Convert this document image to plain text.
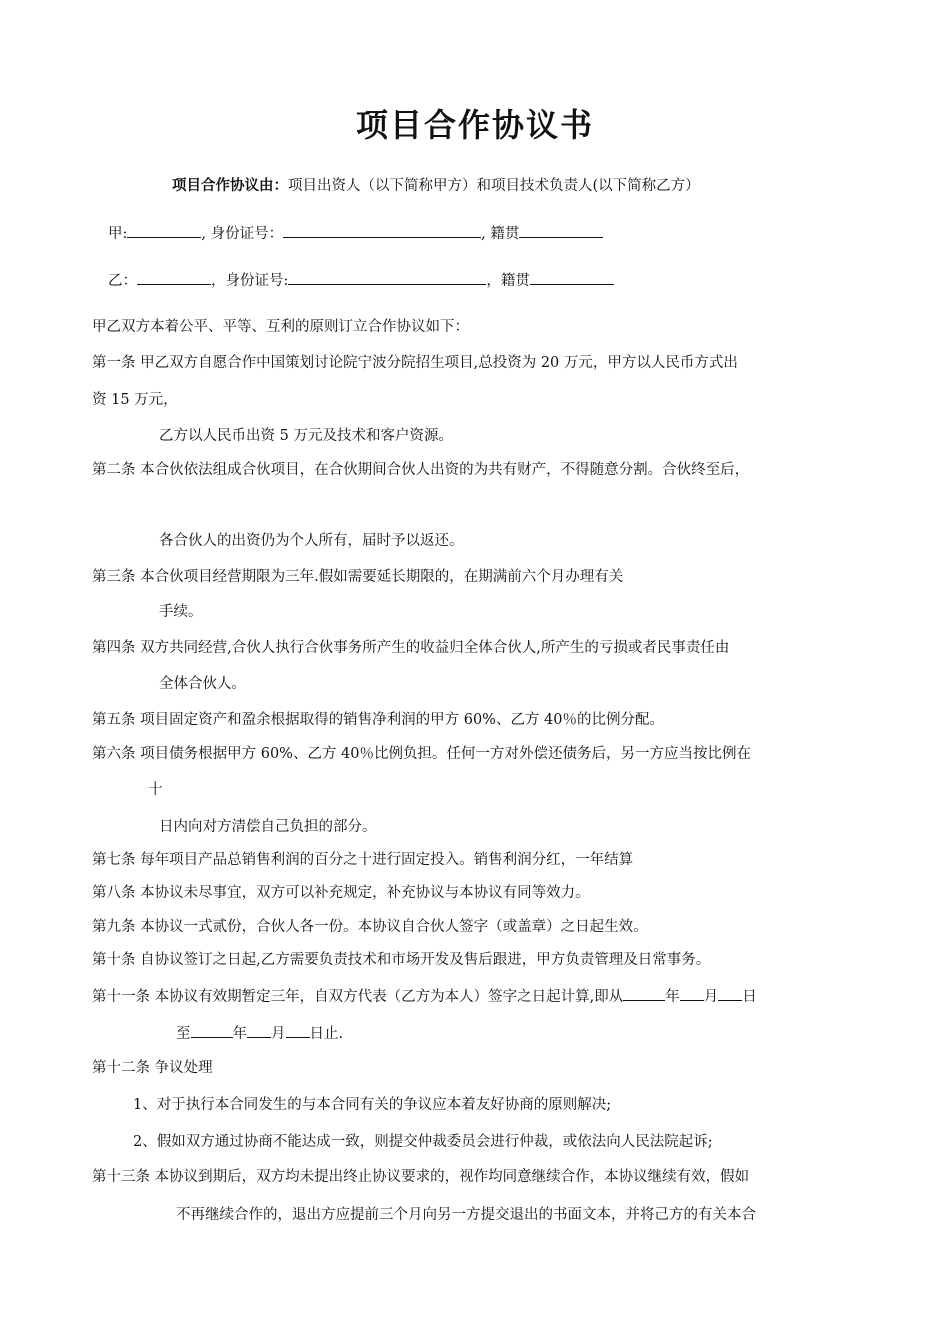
项目合作协议书
项目合作协议由：项目出资人（以下简称甲方）和项目技术负责人(以下简称乙方）
甲:	, 身份证号：	, 籍贯
乙：	，身份证号:	，籍贯
甲乙双方本着公平、平等、互利的原则订立合作协议如下：
第一条 甲乙双方自愿合作中国策划讨论院宁波分院招生项目,总投资为 20 万元，甲方以人民币方式出
资 15 万元，
乙方以人民币出资 5 万元及技术和客户资源。
第二条 本合伙依法组成合伙项目，在合伙期间合伙人出资的为共有财产，不得随意分割。合伙终至后，
各合伙人的出资仍为个人所有，届时予以返还。
第三条 本合伙项目经营期限为三年.假如需要延长期限的，在期满前六个月办理有关
手续。
第四条 双方共同经营,合伙人执行合伙事务所产生的收益归全体合伙人,所产生的亏损或者民事责任由
全体合伙人。
第五条 项目固定资产和盈余根据取得的销售净利润的甲方 60%、乙方 40％的比例分配。
第六条 项目债务根据甲方 60%、乙方 40％比例负担。任何一方对外偿还债务后，另一方应当按比例在
十
日内向对方清偿自己负担的部分。
第七条 每年项目产品总销售利润的百分之十进行固定投入。销售利润分红，一年结算
第八条 本协议未尽事宜，双方可以补充规定，补充协议与本协议有同等效力。
第九条 本协议一式贰份，合伙人各一份。本协议自合伙人签字（或盖章）之日起生效。
第十条 自协议签订之日起,乙方需要负责技术和市场开发及售后跟进，甲方负责管理及日常事务。
第十一条 本协议有效期暂定三年，自双方代表（乙方为本人）签字之日起计算,即从	年 月 日
至	年 月 日止.
第十二条 争议处理
1、对于执行本合同发生的与本合同有关的争议应本着友好协商的原则解决;
2、假如双方通过协商不能达成一致，则提交仲裁委员会进行仲裁，或依法向人民法院起诉;
第十三条 本协议到期后，双方均未提出终止协议要求的，视作均同意继续合作，本协议继续有效，假如
不再继续合作的，退出方应提前三个月向另一方提交退出的书面文本，并将己方的有关本合
